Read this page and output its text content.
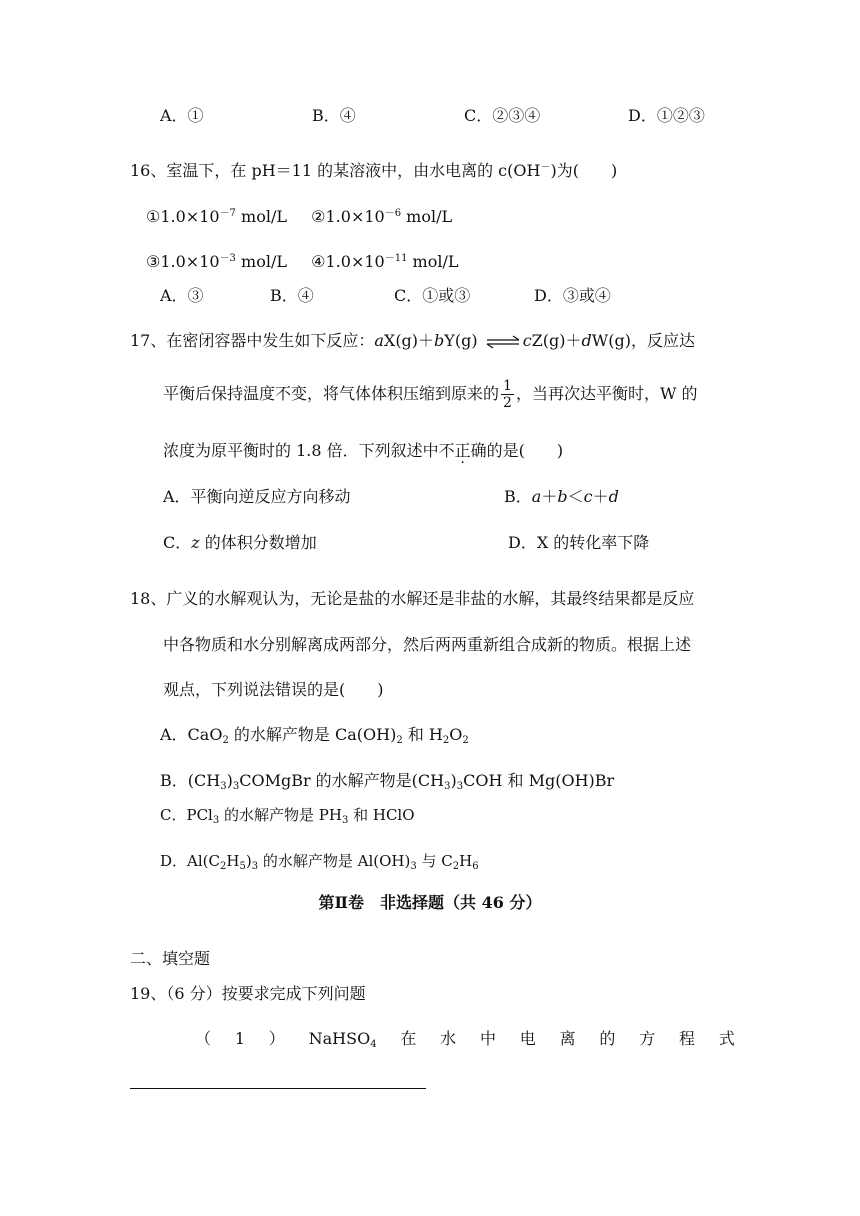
A．①	B．④	C．②③④	D．①②③
16、室温下，在 pH＝11 的某溶液中，由水电离的 c(OH－)为(　　)
$①1.0\times 10^{-7}$ mol/L $②1.0\times 10^{-6}$ mol/L
$③1.0\times 10^{-3}$ mol/L $④1.0\times 10^{-11}$ mol/L
A．③	B．④	C．①或③	D．③或④
17、在密闭容器中发生如下反应：aX(g)＋bY(g) ⇌ cZ(g)＋dW(g)，反应达
平衡后保持温度不变，将气体体积压缩到原来的 $\frac{1}{2}$ ，当再次达平衡时，W 的
浓度为原平衡时的 1.8 倍．下列叙述中不正确的是(　　)
A．平衡向逆反应方向移动	B．a＋b＜c＋d
C．z 的体积分数增加	D．X 的转化率下降
18、广义的水解观认为，无论是盐的水解还是非盐的水解，其最终结果都是反应
中各物质和水分别解离成两部分，然后两两重新组合成新的物质。根据上述
观点，下列说法错误的是(　　)
A．CaO$_2$ 的水解产物是 $Ca(OH)_2$ 和 $H_2O_2$
B．$(CH_3)_3COMgBr$ 的水解产物是$(CH_3)_3COH$ 和 Mg(OH)Br
C．PCl$_3$ 的水解产物是 $PH_3$ 和 HClO
D．$Al(C_2H_5)_3$ 的水解产物是 $Al(OH)_3$ 与 $C_2H_6$
第Ⅱ卷　非选择题（共 46 分）
二、填空题
19、（6 分）按要求完成下列问题
（ 1 ） NaHSO$_4$ 在 水 中 电 离 的 方 程 式
